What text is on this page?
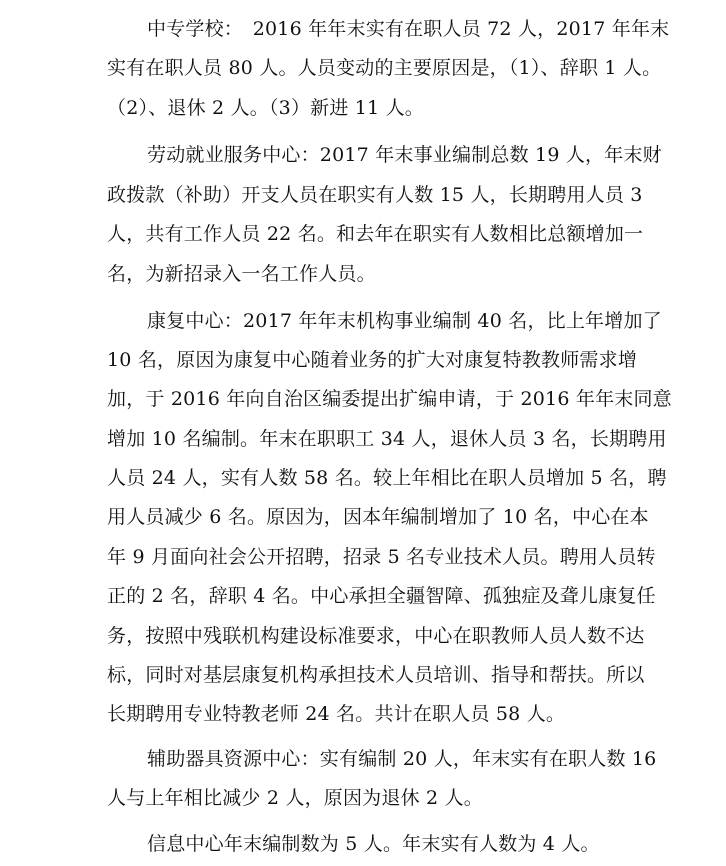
中专学校：　2016 年年末实有在职人员 72 人，2017 年年末
实有在职人员 80 人。人员变动的主要原因是，（1）、辞职 1 人。
（2）、退休 2 人。（3）新进 11 人。
劳动就业服务中心：2017 年末事业编制总数 19 人，年末财
政拨款（补助）开支人员在职实有人数 15 人，长期聘用人员 3
人，共有工作人员 22 名。和去年在职实有人数相比总额增加一
名，为新招录入一名工作人员。
康复中心：2017 年年末机构事业编制 40 名，比上年增加了
10 名，原因为康复中心随着业务的扩大对康复特教教师需求增
加，于 2016 年向自治区编委提出扩编申请，于 2016 年年末同意
增加 10 名编制。年末在职职工 34 人，退休人员 3 名，长期聘用
人员 24 人，实有人数 58 名。较上年相比在职人员增加 5 名，聘
用人员减少 6 名。原因为，因本年编制增加了 10 名，中心在本
年 9 月面向社会公开招聘，招录 5 名专业技术人员。聘用人员转
正的 2 名，辞职 4 名。中心承担全疆智障、孤独症及聋儿康复任
务，按照中残联机构建设标准要求，中心在职教师人员人数不达
标，同时对基层康复机构承担技术人员培训、指导和帮扶。所以
长期聘用专业特教老师 24 名。共计在职人员 58 人。
辅助器具资源中心：实有编制 20 人，年末实有在职人数 16
人与上年相比减少 2 人，原因为退休 2 人。
信息中心年末编制数为 5 人。年末实有人数为 4 人。
